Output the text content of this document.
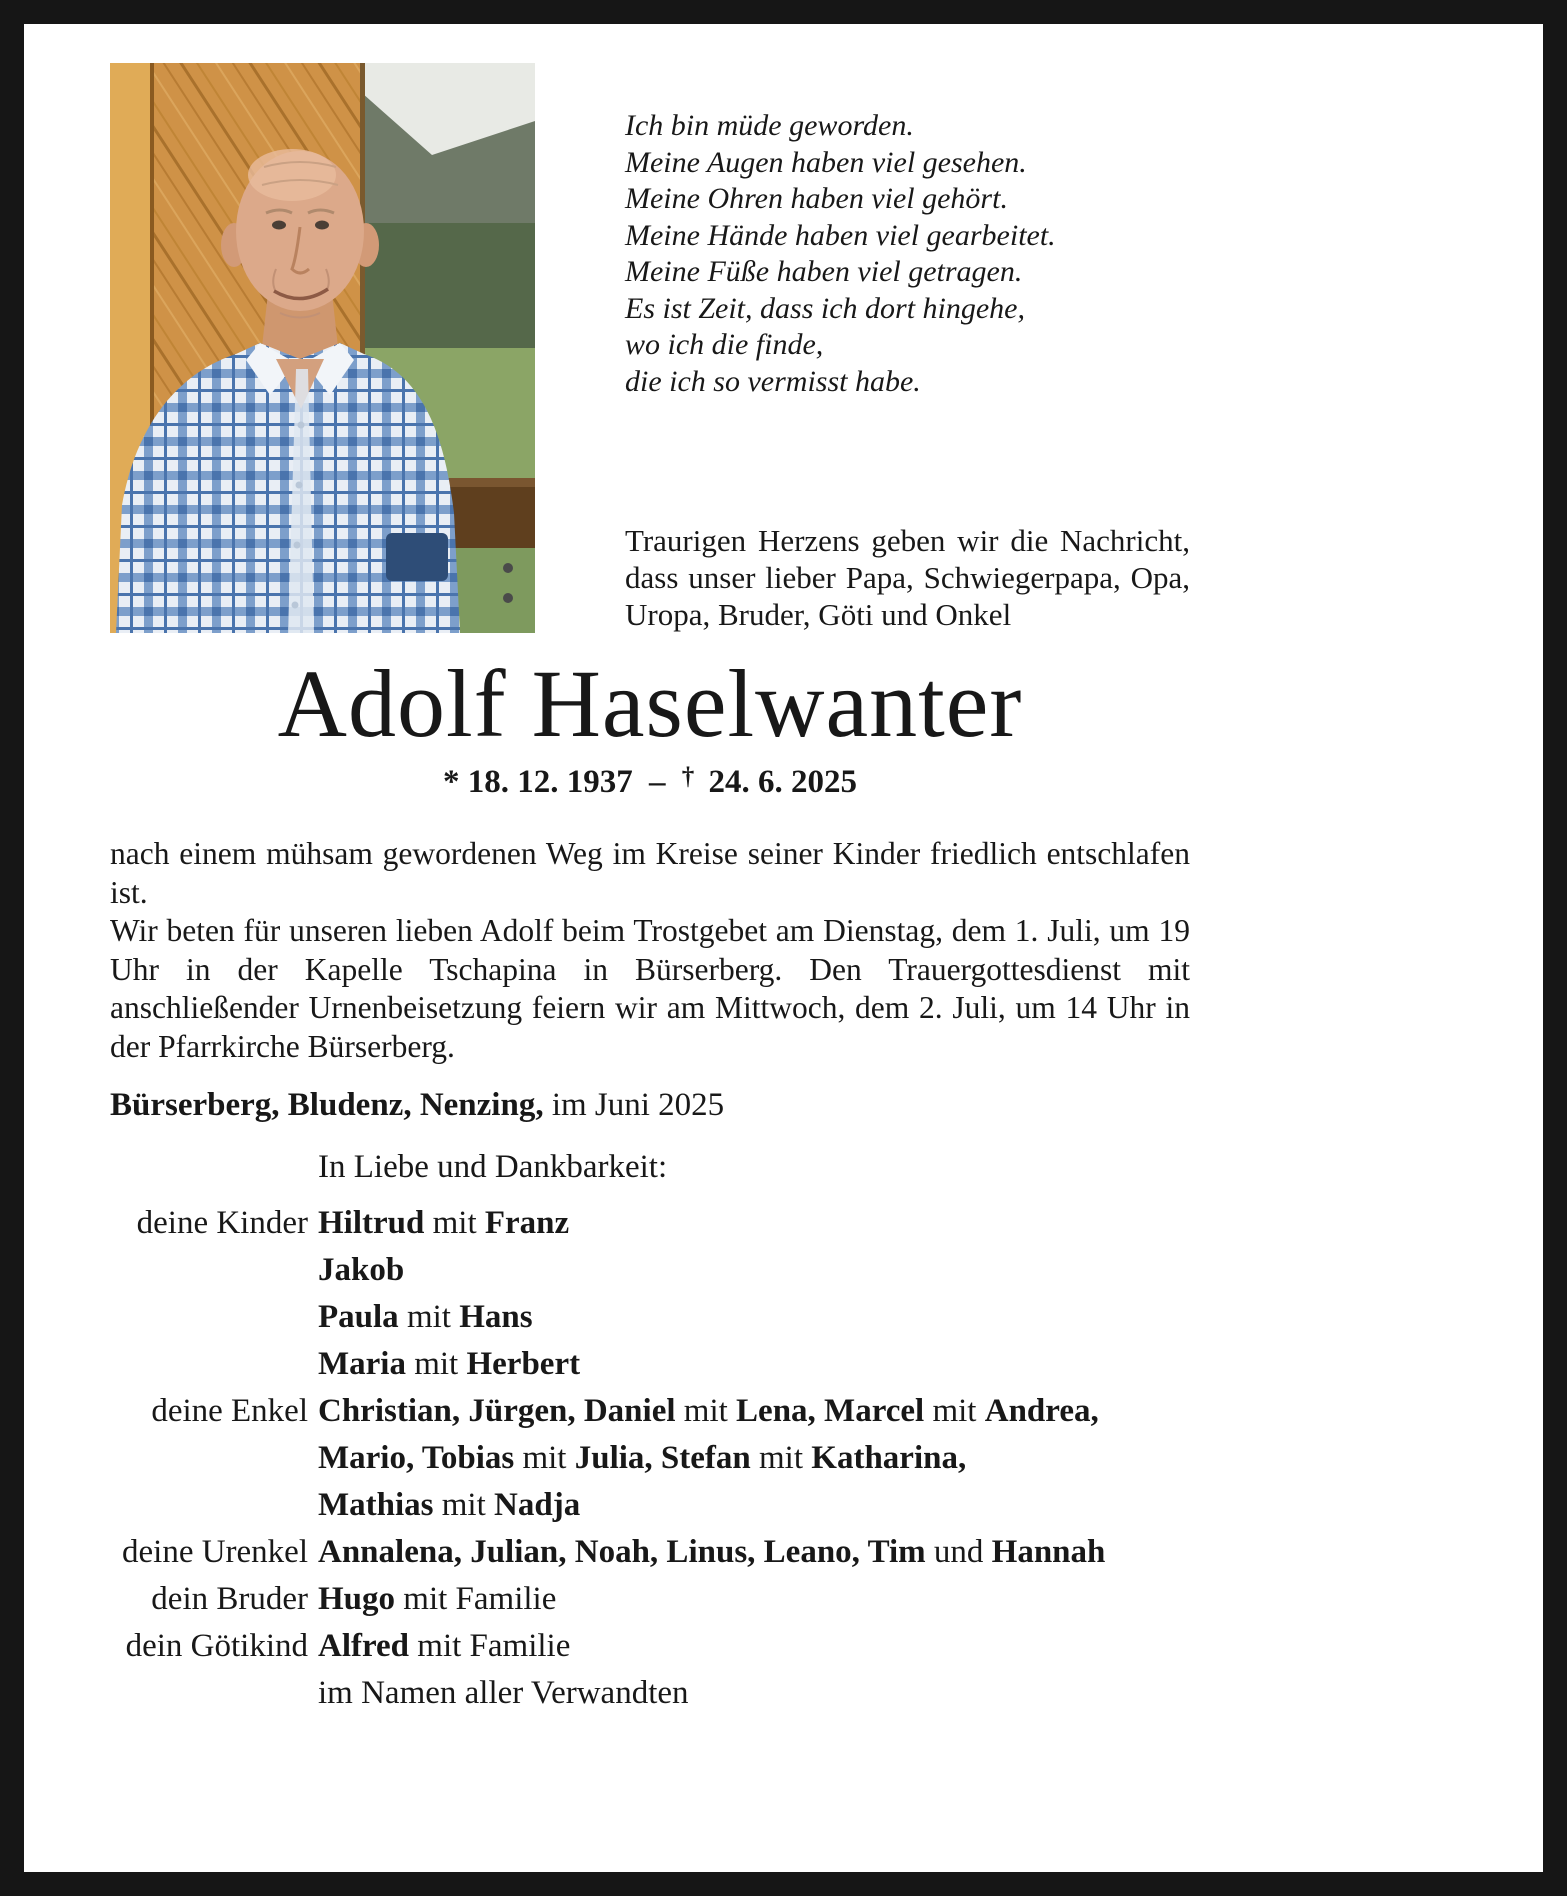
Ich bin müde geworden.
Meine Augen haben viel gesehen.
Meine Ohren haben viel gehört.
Meine Hände haben viel gearbeitet.
Meine Füße haben viel getragen.
Es ist Zeit, dass ich dort hingehe,
wo ich die finde,
die ich so vermisst habe.
Traurigen Herzens geben wir die Nachricht, dass unser lieber Papa, Schwiegerpapa, Opa, Uropa, Bruder, Göti und Onkel
Adolf Haselwanter
* 18. 12. 1937 – † 24. 6. 2025
nach einem mühsam gewordenen Weg im Kreise seiner Kinder friedlich entschlafen ist.
Wir beten für unseren lieben Adolf beim Trostgebet am Dienstag, dem 1. Juli, um 19 Uhr in der Kapelle Tschapina in Bürserberg. Den Trauergottesdienst mit anschließender Urnenbeisetzung feiern wir am Mittwoch, dem 2. Juli, um 14 Uhr in der Pfarrkirche Bürserberg.
Bürserberg, Bludenz, Nenzing, im Juni 2025
In Liebe und Dankbarkeit:
deine Kinder Hiltrud mit Franz
Jakob
Paula mit Hans
Maria mit Herbert
deine Enkel Christian, Jürgen, Daniel mit Lena, Marcel mit Andrea,
Mario, Tobias mit Julia, Stefan mit Katharina,
Mathias mit Nadja
deine Urenkel Annalena, Julian, Noah, Linus, Leano, Tim und Hannah
dein Bruder Hugo mit Familie
dein Götikind Alfred mit Familie
im Namen aller Verwandten
